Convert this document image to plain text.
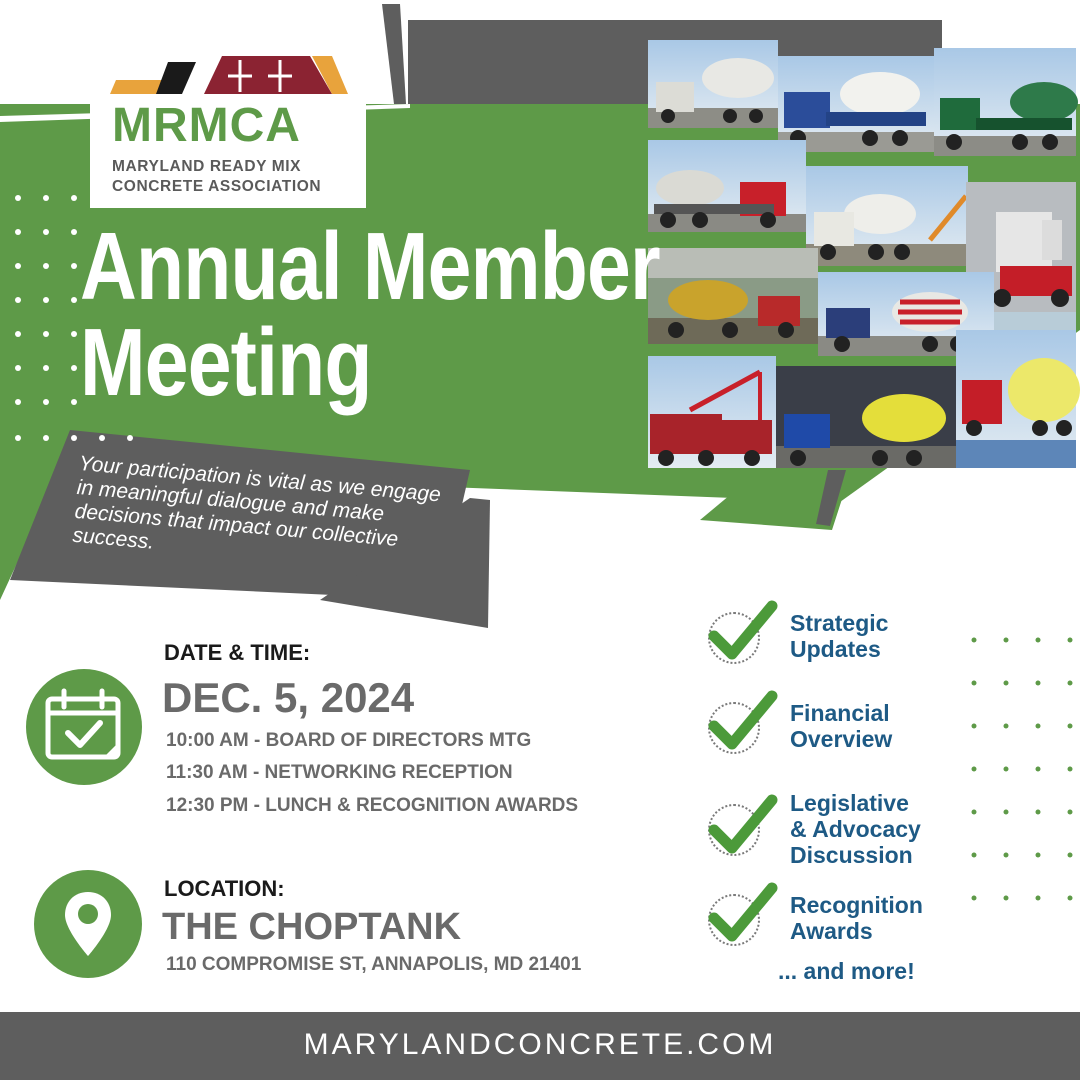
MRMCA
MARYLAND READY MIX
CONCRETE ASSOCIATION
Annual Member
Meeting
Your participation is vital as we engage in meaningful dialogue and make decisions that impact our collective success.
DATE & TIME:
DEC. 5, 2024
10:00 AM - BOARD OF DIRECTORS MTG
11:30 AM - NETWORKING RECEPTION
12:30 PM - LUNCH & RECOGNITION AWARDS
LOCATION:
THE CHOPTANK
110 COMPROMISE ST, ANNAPOLIS, MD 21401
Strategic
Updates
Financial
Overview
Legislative
& Advocacy
Discussion
Recognition
Awards
... and more!
MARYLANDCONCRETE.COM
